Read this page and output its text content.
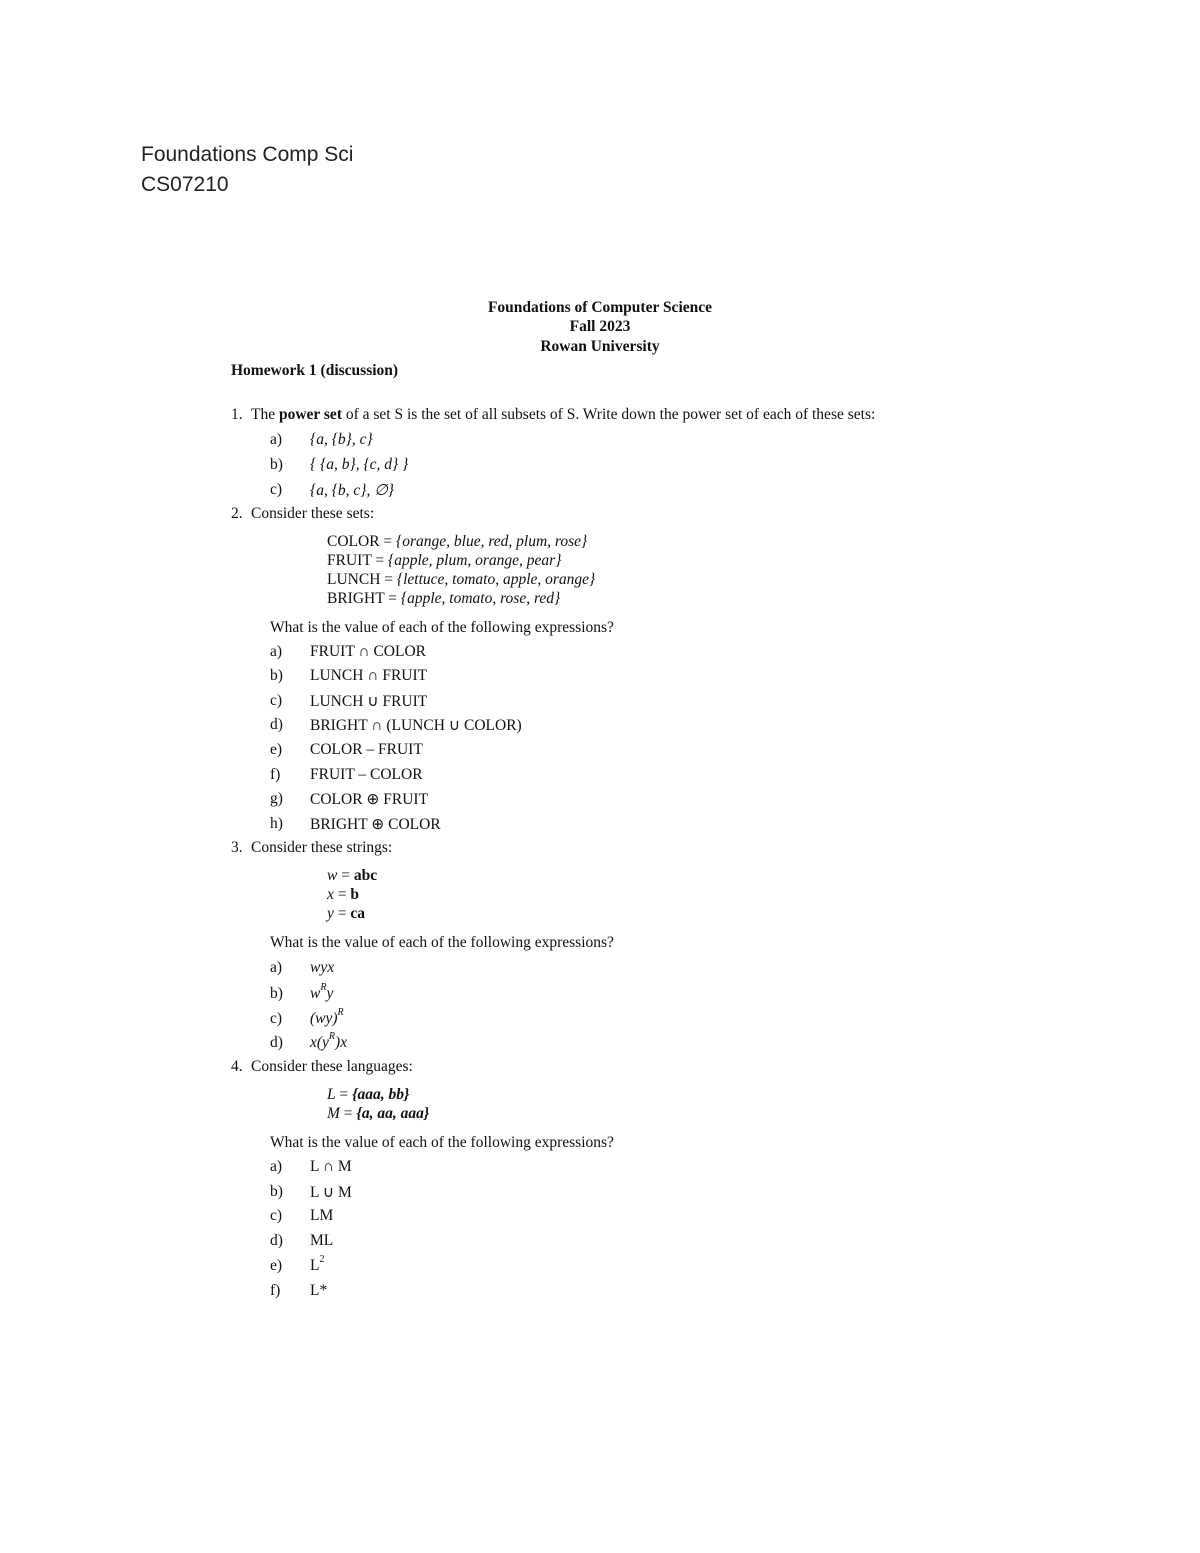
Foundations Comp Sci
CS07210
Foundations of Computer Science
Fall 2023
Rowan University
Homework 1 (discussion)
1. The power set of a set S is the set of all subsets of S. Write down the power set of each of these sets:
a) {a, {b}, c}
b) { {a, b}, {c, d} }
c) {a, {b, c}, ∅}
2. Consider these sets:
COLOR = {orange, blue, red, plum, rose}
FRUIT = {apple, plum, orange, pear}
LUNCH = {lettuce, tomato, apple, orange}
BRIGHT = {apple, tomato, rose, red}
What is the value of each of the following expressions?
a) FRUIT ∩ COLOR
b) LUNCH ∩ FRUIT
c) LUNCH ∪ FRUIT
d) BRIGHT ∩ (LUNCH ∪ COLOR)
e) COLOR – FRUIT
f) FRUIT – COLOR
g) COLOR ⊕ FRUIT
h) BRIGHT ⊕ COLOR
3. Consider these strings:
w = abc
x = b
y = ca
What is the value of each of the following expressions?
a) wyx
b) $w^Ry$
c) (wy)$^R$
d) $x(y^R)x$
4. Consider these languages:
L = {aaa, bb}
M = {a, aa, aaa}
What is the value of each of the following expressions?
a) L ∩ M
b) L ∪ M
c) LM
d) ML
e) $L^2$
f) L*
